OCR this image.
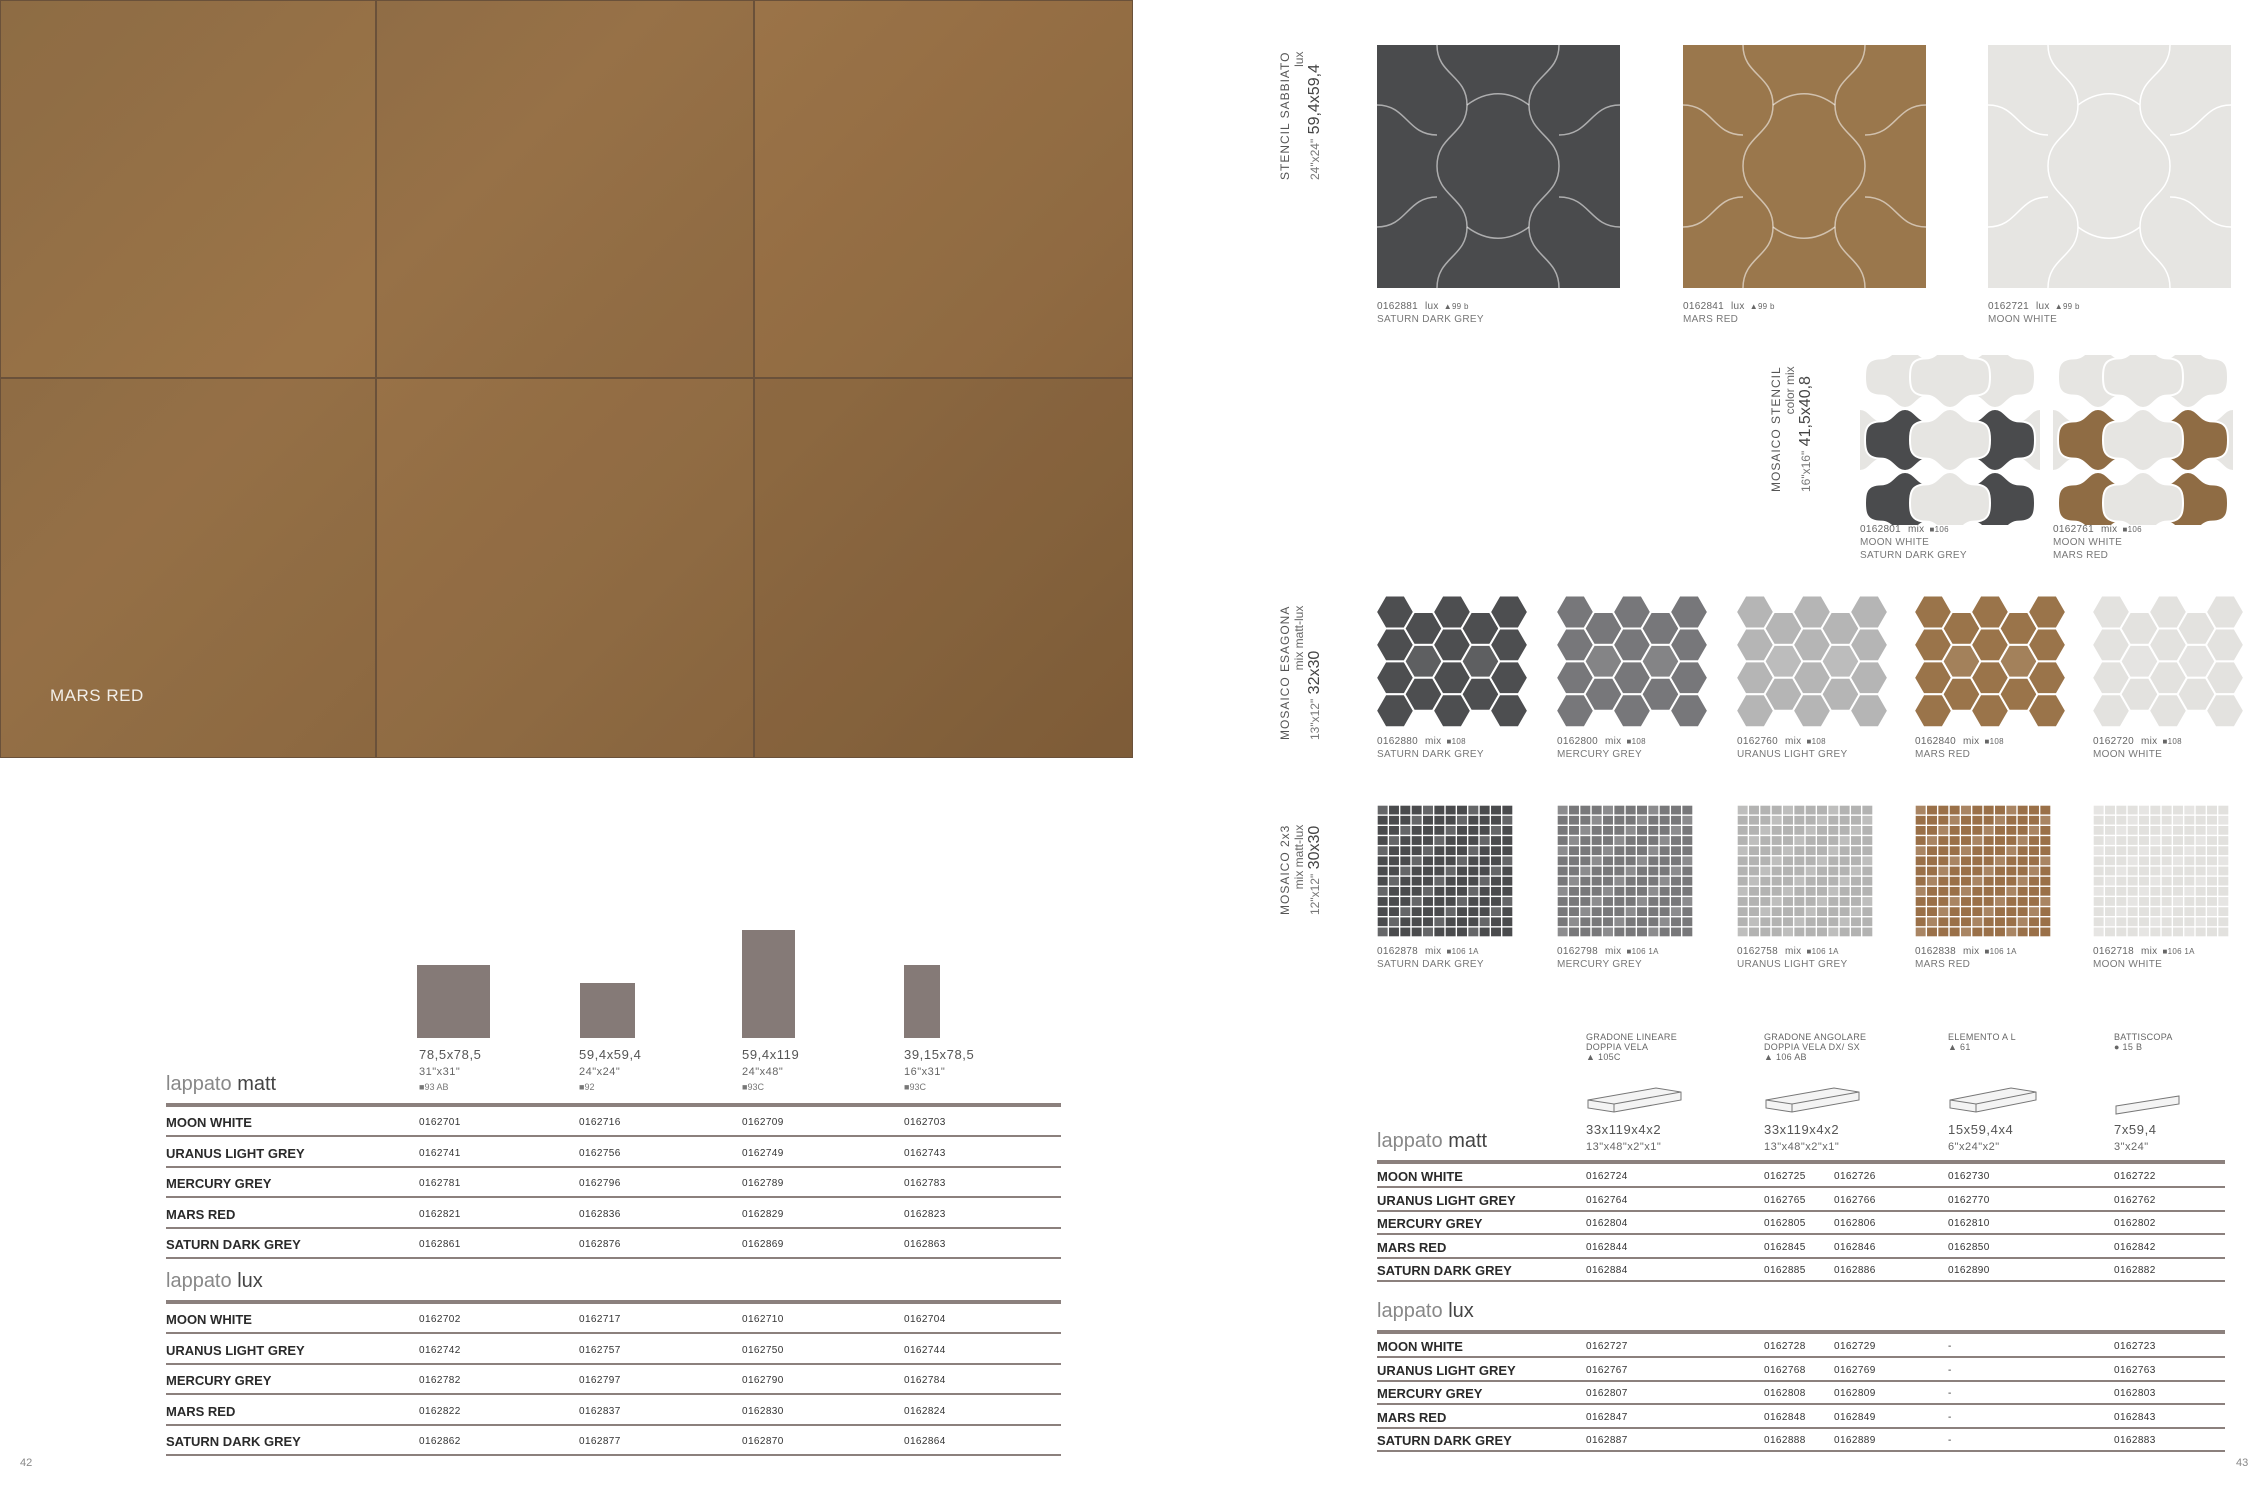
MARS RED
78,5x78,5
31"x31"
■93 AB
59,4x59,4
24"x24"
■92
59,4x119
24"x48"
■93C
39,15x78,5
16"x31"
■93C
lappato matt
MOON WHITE	0162701	0162716	0162709	0162703
URANUS LIGHT GREY	0162741	0162756	0162749	0162743
MERCURY GREY	0162781	0162796	0162789	0162783
MARS RED	0162821	0162836	0162829	0162823
SATURN DARK GREY	0162861	0162876	0162869	0162863
lappato lux
MOON WHITE	0162702	0162717	0162710	0162704
URANUS LIGHT GREY	0162742	0162757	0162750	0162744
MERCURY GREY	0162782	0162797	0162790	0162784
MARS RED	0162822	0162837	0162830	0162824
SATURN DARK GREY	0162862	0162877	0162870	0162864
42
STENCIL SABBIATO lux
24"x24" 59,4x59,4
0162881 lux ▲99 b
SATURN DARK GREY
0162841 lux ▲99 b
MARS RED
0162721 lux ▲99 b
MOON WHITE
MOSAICO STENCIL color mix
16"x16" 41,5x40,8
0162801 mix ■106
MOON WHITE
SATURN DARK GREY
0162761 mix ■106
MOON WHITE
MARS RED
MOSAICO ESAGONA mix matt-lux
13"x12" 32x30
0162880 mix ■108
SATURN DARK GREY
0162800 mix ■108
MERCURY GREY
0162760 mix ■108
URANUS LIGHT GREY
0162840 mix ■108
MARS RED
0162720 mix ■108
MOON WHITE
MOSAICO 2x3 mix matt-lux
12"x12" 30x30
0162878 mix ■106 1A
SATURN DARK GREY
0162798 mix ■106 1A
MERCURY GREY
0162758 mix ■106 1A
URANUS LIGHT GREY
0162838 mix ■106 1A
MARS RED
0162718 mix ■106 1A
MOON WHITE
GRADONE LINEARE
DOPPIA VELA
▲ 105C
33x119x4x2
13"x48"x2"x1"
GRADONE ANGOLARE
DOPPIA VELA DX/ SX
▲ 106 AB
33x119x4x2
13"x48"x2"x1"
ELEMENTO A L
▲ 61
15x59,4x4
6"x24"x2"
BATTISCOPA
● 15 B
7x59,4
3"x24"
lappato matt
MOON WHITE	0162724	0162725	0162726	0162730	0162722
URANUS LIGHT GREY	0162764	0162765	0162766	0162770	0162762
MERCURY GREY	0162804	0162805	0162806	0162810	0162802
MARS RED	0162844	0162845	0162846	0162850	0162842
SATURN DARK GREY	0162884	0162885	0162886	0162890	0162882
lappato lux
MOON WHITE	0162727	0162728	0162729	-	0162723
URANUS LIGHT GREY	0162767	0162768	0162769	-	0162763
MERCURY GREY	0162807	0162808	0162809	-	0162803
MARS RED	0162847	0162848	0162849	-	0162843
SATURN DARK GREY	0162887	0162888	0162889	-	0162883
43
